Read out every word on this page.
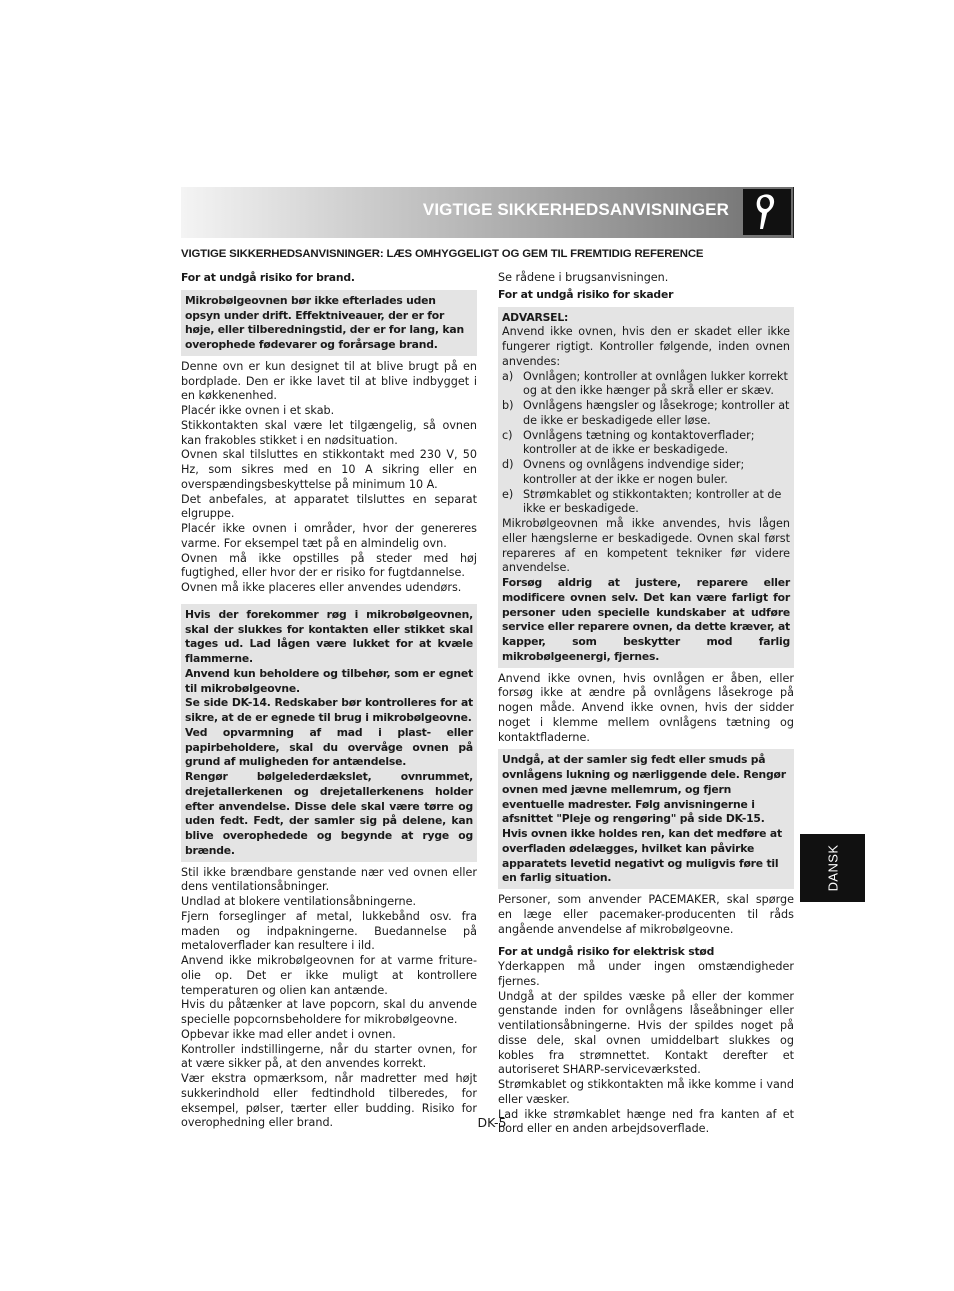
VIGTIGE SIKKERHEDSANVISNINGER
VIGTIGE SIKKERHEDSANVISNINGER: LÆS OMHYGGELIGT OG GEM TIL FREMTIDIG REFERENCE

For at undgå risiko for brand.

Mikrobølgeovnen bør ikke efterlades uden opsyn under drift. Effektniveauer, der er for høje, eller tilberedningstid, der er for lang, kan overophede fødevarer og forårsage brand.

Denne ovn er kun designet til at blive brugt på en bordplade. Den er ikke lavet til at blive indbygget i en køkkenenhed.

Placér ikke ovnen i et skab.

Stikkontakten skal være let tilgængelig, så ovnen kan frakobles stikket i en nødsituation.

Ovnen skal tilsluttes en stikkontakt med 230 V, 50 Hz, som sikres med en 10 A sikring eller en overspændingsbeskyttelse på minimum 10 A.

Det anbefales, at apparatet tilsluttes en separat elgruppe.

Placér ikke ovnen i områder, hvor der genereres varme. For eksempel tæt på en almindelig ovn.

Ovnen må ikke opstilles på steder med høj fugtighed, eller hvor der er risiko for fugtdannelse.

Ovnen må ikke placeres eller anvendes udendørs.

Hvis der forekommer røg i mikrobølgeovnen, skal der slukkes for kontakten eller stikket skal tages ud. Lad lågen være lukket for at kvæle flammerne.

Anvend kun beholdere og tilbehør, som er egnet til mikrobølgeovne.

Se side DK-14. Redskaber bør kontrolleres for at sikre, at de er egnede til brug i mikrobølgeovne.

Ved opvarmning af mad i plast- eller papirbeholdere, skal du overvåge ovnen på grund af muligheden for antændelse.

Rengør bølgelederdækslet, ovnrummet, drejetallerkenen og drejetallerkenens holder efter anvendelse. Disse dele skal være tørre og uden fedt. Fedt, der samler sig på delene, kan blive overophedede og begynde at ryge og brænde.

Stil ikke brændbare genstande nær ved ovnen eller dens ventilationsåbninger.

Undlad at blokere ventilationsåbningerne.

Fjern forseglinger af metal, lukkebånd osv. fra maden og indpakningerne. Buedannelse på metaloverflader kan resultere i ild.

Anvend ikke mikrobølgeovnen for at varme fritureolie op. Det er ikke muligt at kontrollere temperaturen og olien kan antænde.

Hvis du påtænker at lave popcorn, skal du anvende specielle popcornsbeholdere for mikrobølgeovne.

Opbevar ikke mad eller andet i ovnen.

Kontroller indstillingerne, når du starter ovnen, for at være sikker på, at den anvendes korrekt.

Vær ekstra opmærksom, når madretter med højt sukkerindhold eller fedtindhold tilberedes, for eksempel, pølser, tærter eller budding. Risiko for overophedning eller brand.

Se rådene i brugsanvisningen.

For at undgå risiko for skader

ADVARSEL:

Anvend ikke ovnen, hvis den er skadet eller ikke fungerer rigtigt. Kontroller følgende, inden ovnen anvendes:

a) Ovnlågen; kontroller at ovnlågen lukker korrekt og at den ikke hænger på skrå eller er skæv.
b) Ovnlågens hængsler og låsekroge; kontroller at de ikke er beskadigede eller løse.
c) Ovnlågens tætning og kontaktoverflader; kontroller at de ikke er beskadigede.
d) Ovnens og ovnlågens indvendige sider; kontroller at der ikke er nogen buler.
e) Strømkablet og stikkontakten; kontroller at de ikke er beskadigede.

Mikrobølgeovnen må ikke anvendes, hvis lågen eller hængslerne er beskadigede. Ovnen skal først repareres af en kompetent tekniker før videre anvendelse.

Forsøg aldrig at justere, reparere eller modificere ovnen selv. Det kan være farligt for personer uden specielle kundskaber at udføre service eller reparere ovnen, da dette kræver, at kapper, som beskytter mod farlig mikrobølgeenergi, fjernes.

Anvend ikke ovnen, hvis ovnlågen er åben, eller forsøg ikke at ændre på ovnlågens låsekroge på nogen måde. Anvend ikke ovnen, hvis der sidder noget i klemme mellem ovnlågens tætning og kontaktfladerne.

Undgå, at der samler sig fedt eller smuds på ovnlågens lukning og nærliggende dele. Rengør ovnen med jævne mellemrum, og fjern eventuelle madrester. Følg anvisningerne i afsnittet "Pleje og rengøring" på side DK-15. Hvis ovnen ikke holdes ren, kan det medføre at overfladen ødelægges, hvilket kan påvirke apparatets levetid negativt og muligvis føre til en farlig situation.

Personer, som anvender PACEMAKER, skal spørge en læge eller pacemaker-producenten til råds angående anvendelse af mikrobølgeovne.

For at undgå risiko for elektrisk stød

Yderkappen må under ingen omstændigheder fjernes.

Undgå at der spildes væske på eller der kommer genstande inden for ovnlågens låseåbninger eller ventilationsåbningerne. Hvis der spildes noget på disse dele, skal ovnen umiddelbart slukkes og kobles fra strømnettet. Kontakt derefter et autoriseret SHARP-serviceværksted.

Strømkablet og stikkontakten må ikke komme i vand eller væsker.

Lad ikke strømkablet hænge ned fra kanten af et bord eller en anden arbejdsoverflade.

DANSK
DK-5
